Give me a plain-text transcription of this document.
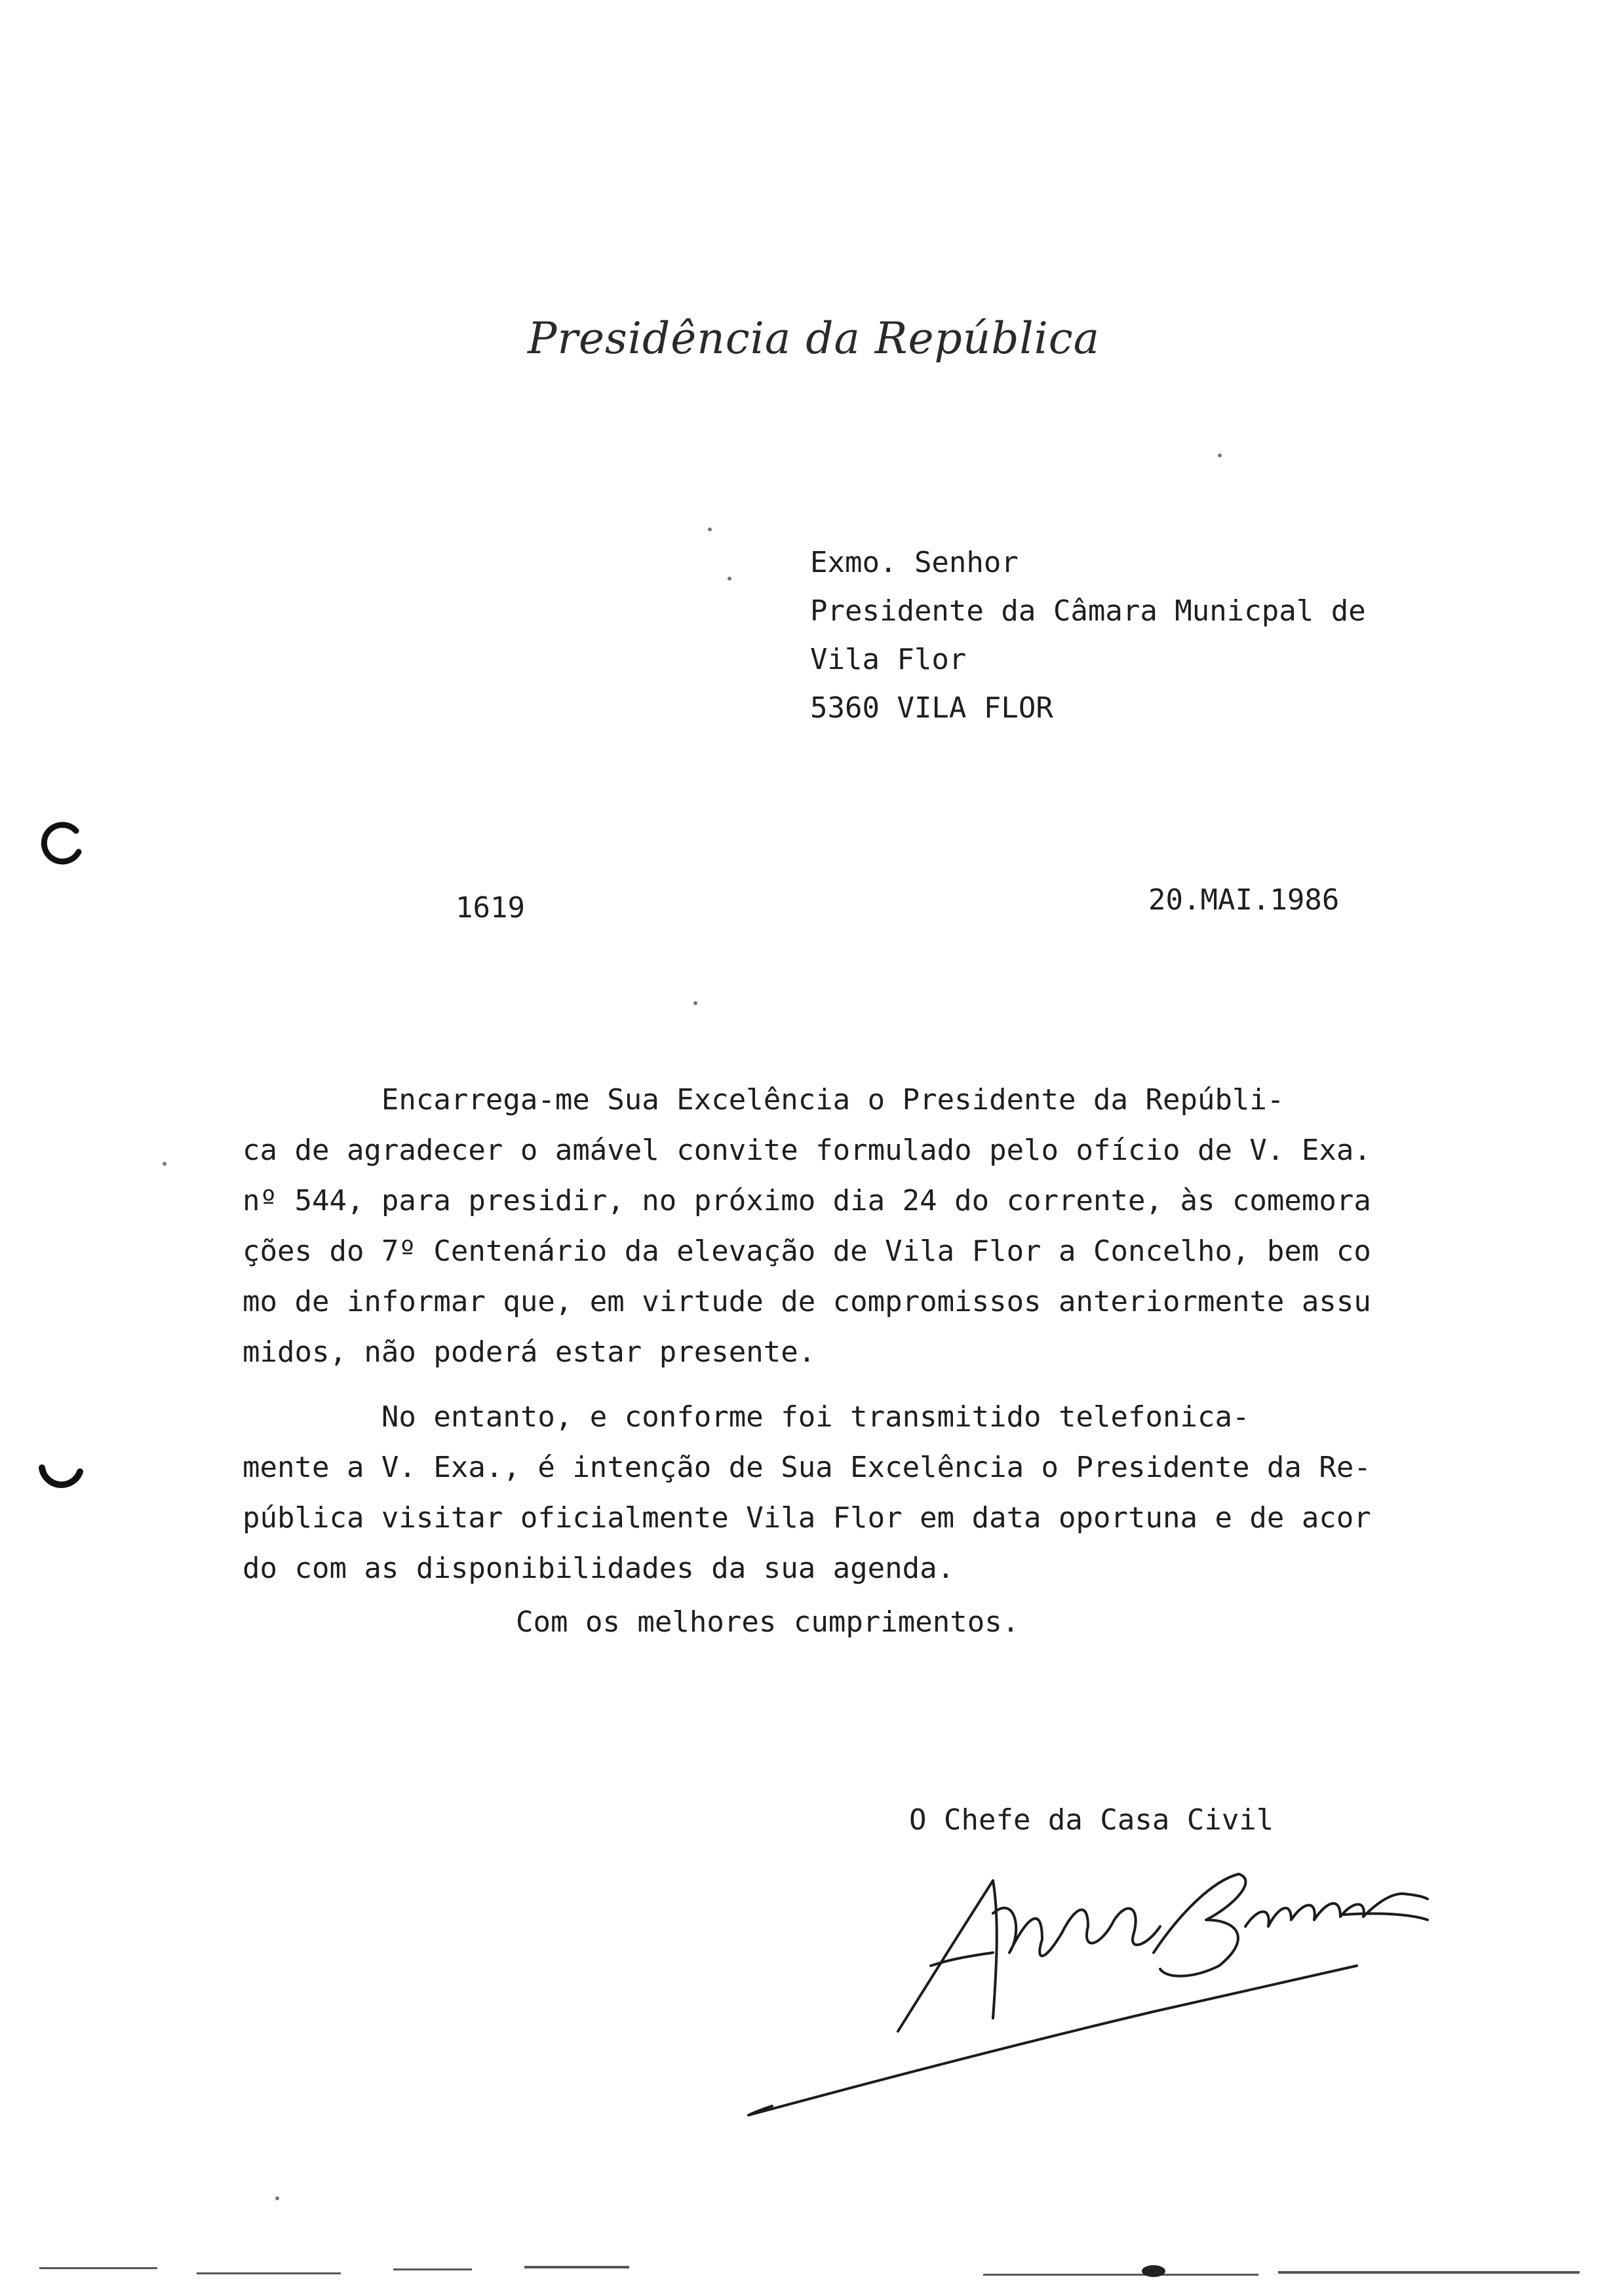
Presidência da República
Exmo. Senhor
Presidente da Câmara Municpal de
Vila Flor
5360 VILA FLOR
1619	20.MAI.1986
Encarrega-me Sua Excelência o Presidente da Repúbli-
ca de agradecer o amável convite formulado pelo ofício de V. Exa.
nº 544, para presidir, no próximo dia 24 do corrente, às comemora
ções do 7º Centenário da elevação de Vila Flor a Concelho, bem co
mo de informar que, em virtude de compromissos anteriormente assu
midos, não poderá estar presente.
No entanto, e conforme foi transmitido telefonica-
mente a V. Exa., é intenção de Sua Excelência o Presidente da Re-
pública visitar oficialmente Vila Flor em data oportuna e de acor
do com as disponibilidades da sua agenda.
Com os melhores cumprimentos.
O Chefe da Casa Civil
